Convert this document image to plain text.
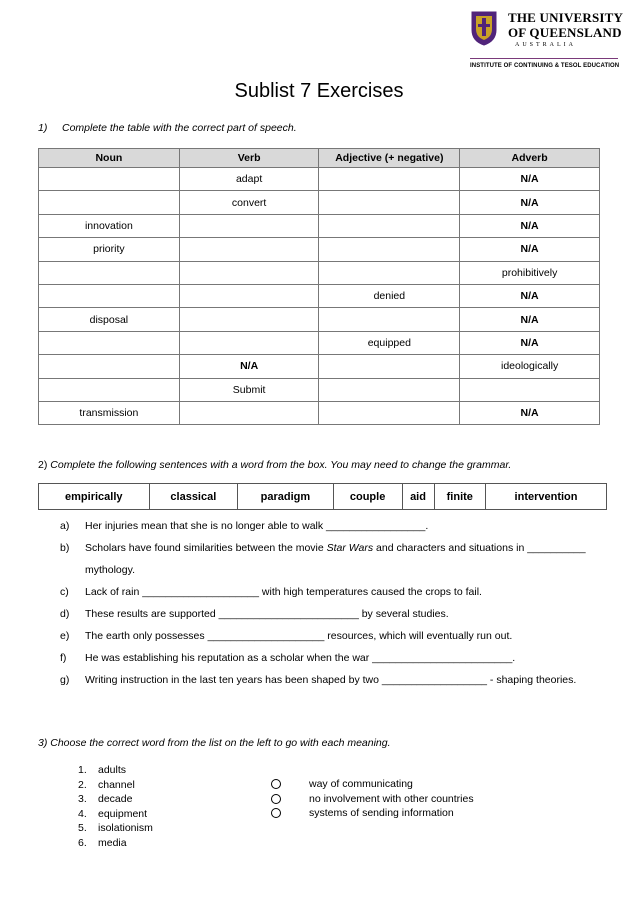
THE UNIVERSITY
OF QUEENSLAND
AUSTRALIA
INSTITUTE OF CONTINUING & TESOL EDUCATION
Sublist 7 Exercises
1) Complete the table with the correct part of speech.
Noun	Verb	Adjective (+ negative)	Adverb
	adapt		N/A
	convert		N/A
innovation			N/A
priority			N/A
			prohibitively
		denied	N/A
disposal			N/A
		equipped	N/A
	N/A		ideologically
	Submit		
transmission			N/A
2) Complete the following sentences with a word from the box. You may need to change the grammar.
empirically	classical	paradigm	couple	aid	finite	intervention
a) Her injuries mean that she is no longer able to walk _________________.
b) Scholars have found similarities between the movie Star Wars and characters and situations in __________
mythology.
c) Lack of rain ____________________ with high temperatures caused the crops to fail.
d) These results are supported ________________________ by several studies.
e) The earth only possesses ____________________ resources, which will eventually run out.
f) He was establishing his reputation as a scholar when the war ________________________.
g) Writing instruction in the last ten years has been shaped by two __________________ - shaping theories.
3) Choose the correct word from the list on the left to go with each meaning.
1. adults
2. channel
3. decade
4. equipment
5. isolationism
6. media
way of communicating
no involvement with other countries
systems of sending information
